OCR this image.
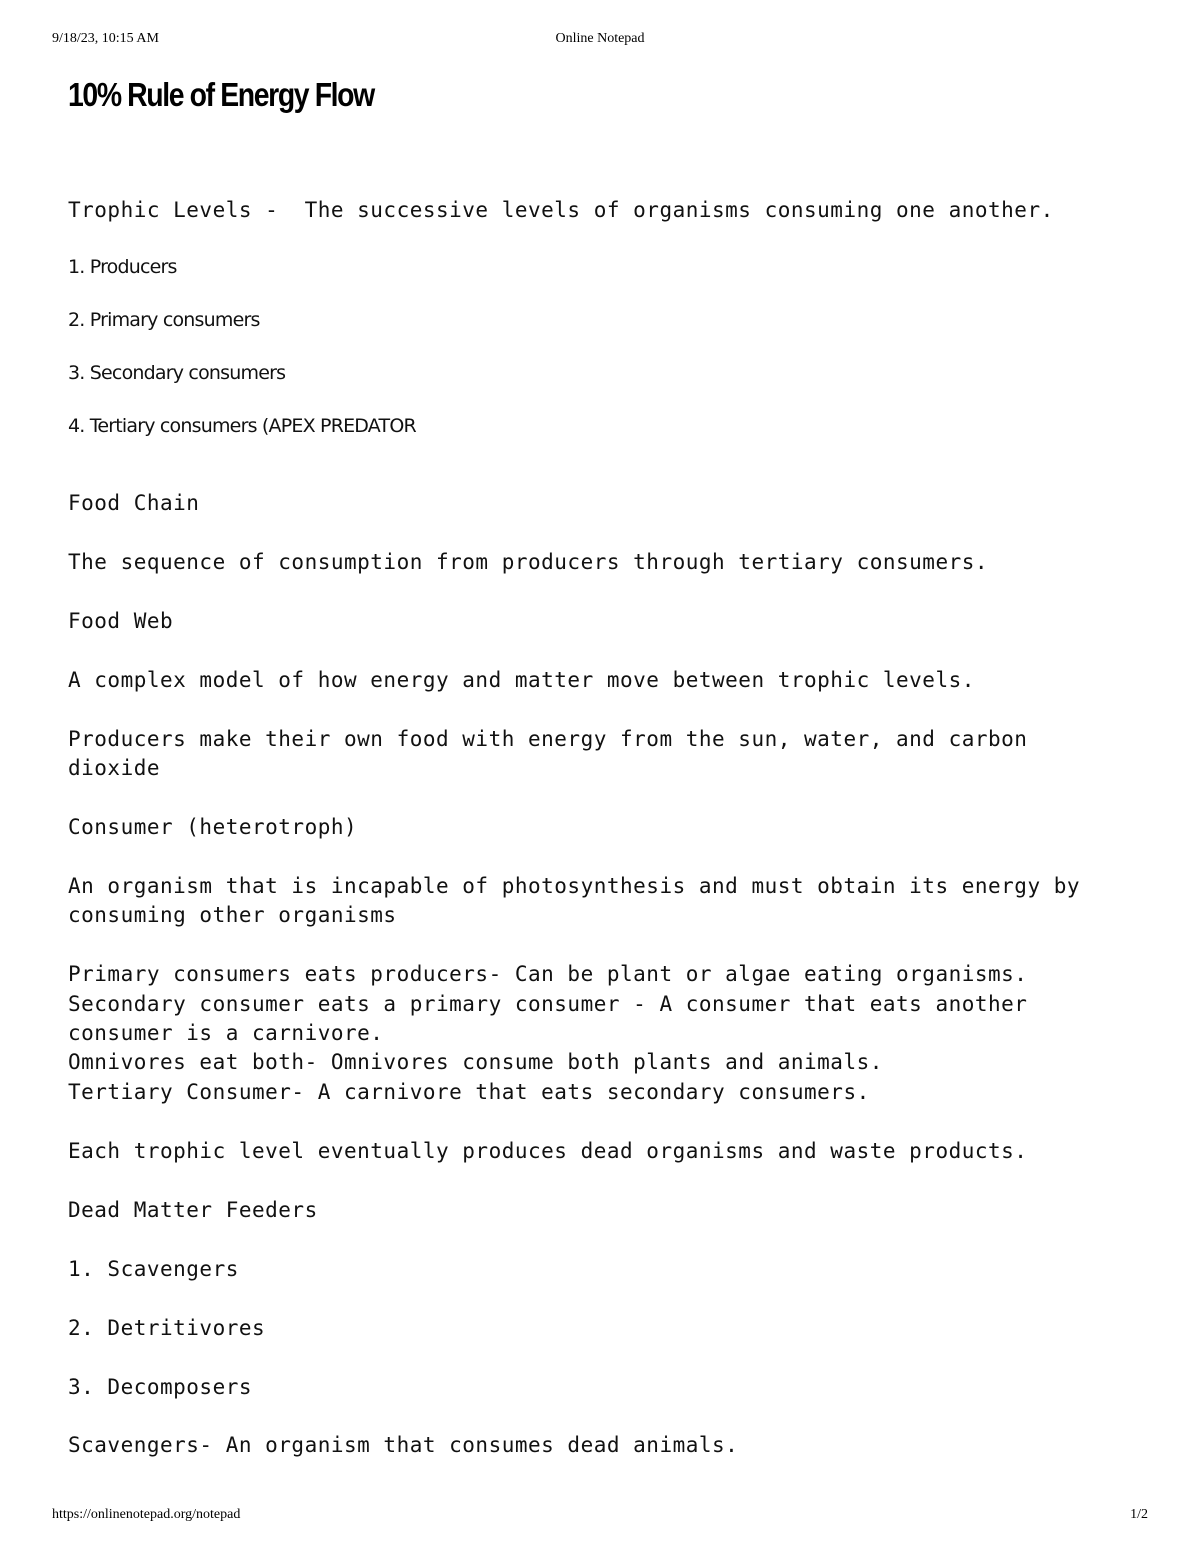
9/18/23, 10:15 AM	Online Notepad
10% Rule of Energy Flow

Trophic Levels -  The successive levels of organisms consuming one another.

1. Producers

2. Primary consumers

3. Secondary consumers

4. Tertiary consumers (APEX PREDATOR

Food Chain

The sequence of consumption from producers through tertiary consumers.

Food Web

A complex model of how energy and matter move between trophic levels.

Producers make their own food with energy from the sun, water, and carbon

dioxide

Consumer (heterotroph)

An organism that is incapable of photosynthesis and must obtain its energy by

consuming other organisms

Primary consumers eats producers- Can be plant or algae eating organisms.

Secondary consumer eats a primary consumer - A consumer that eats another

consumer is a carnivore.

Omnivores eat both- Omnivores consume both plants and animals.

Tertiary Consumer- A carnivore that eats secondary consumers.

Each trophic level eventually produces dead organisms and waste products.

Dead Matter Feeders

1. Scavengers

2. Detritivores

3. Decomposers

Scavengers- An organism that consumes dead animals.

https://onlinenotepad.org/notepad	1/2
